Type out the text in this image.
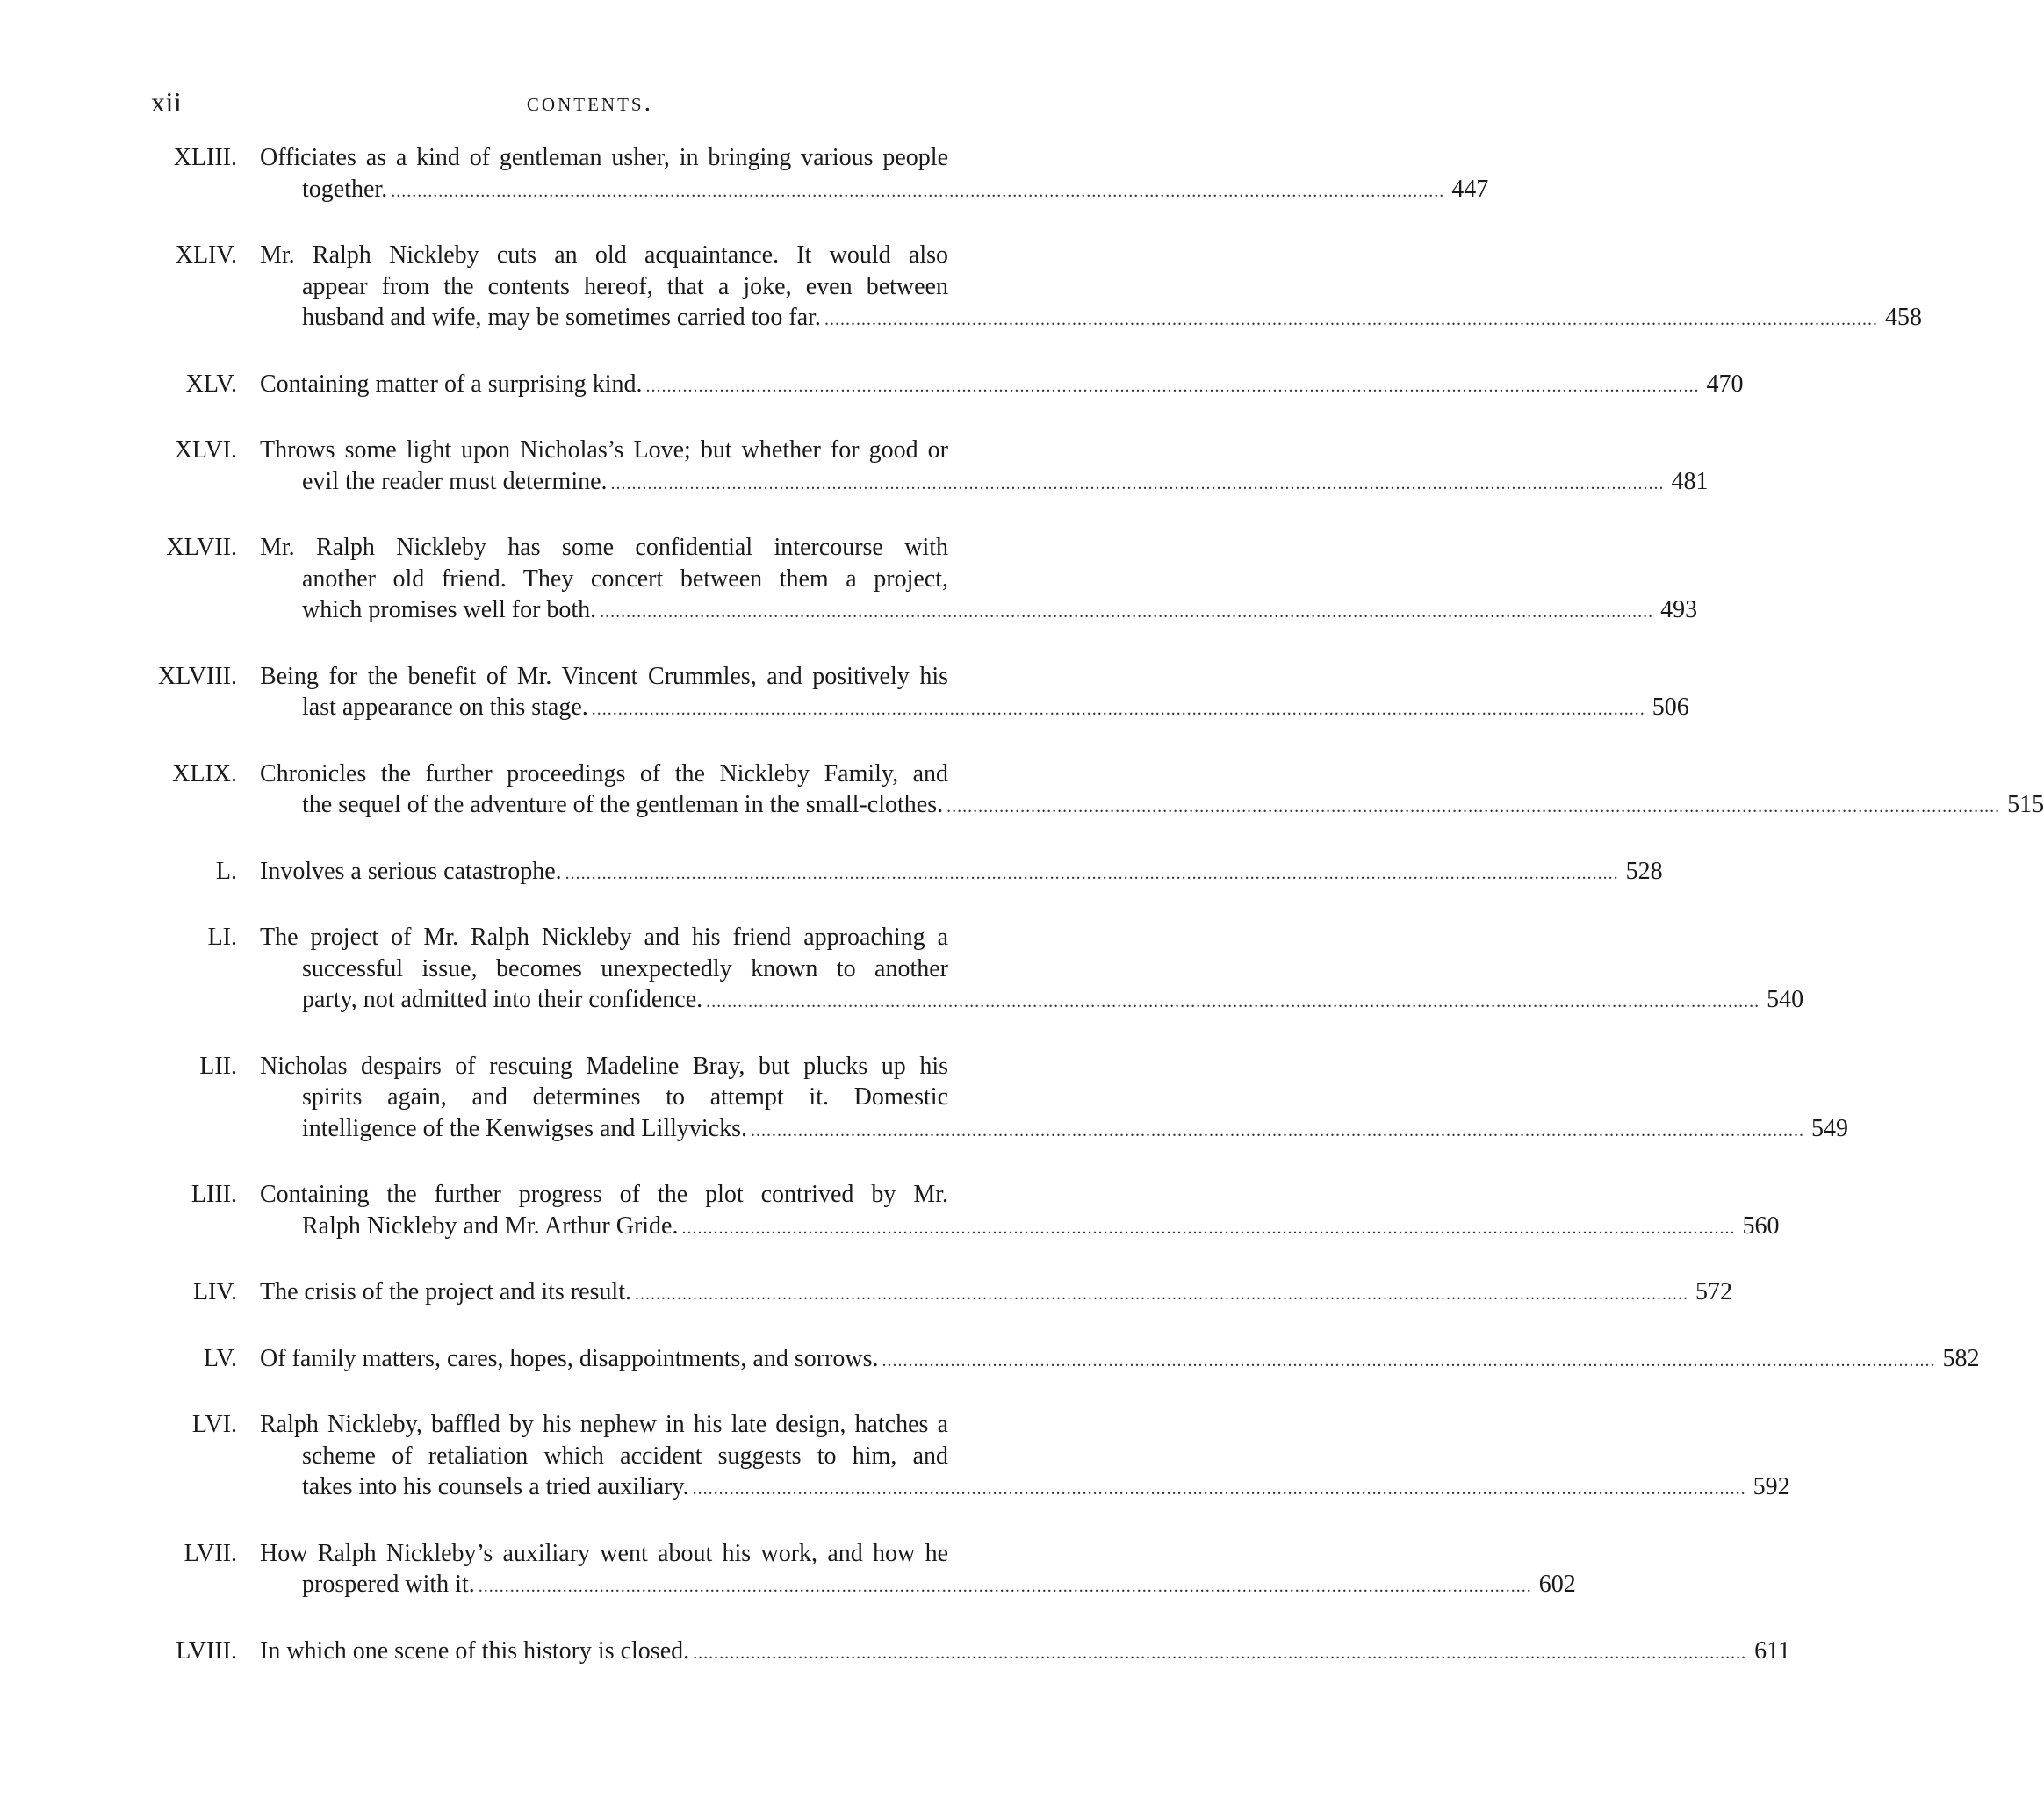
xii	contents.
XLIII. Officiates as a kind of gentleman usher, in bringing various people
together. ........................................................................................................................................................................................................ 447
XLIV. Mr. Ralph Nickleby cuts an old acquaintance. It would also
appear from the contents hereof, that a joke, even between
husband and wife, may be sometimes carried too far. ........................................................................................................................................................................................................ 458
XLV. Containing matter of a surprising kind. ........................................................................................................................................................................................................ 470
XLVI. Throws some light upon Nicholas’s Love; but whether for good or
evil the reader must determine. ........................................................................................................................................................................................................ 481
XLVII. Mr. Ralph Nickleby has some confidential intercourse with
another old friend. They concert between them a project,
which promises well for both. ........................................................................................................................................................................................................ 493
XLVIII. Being for the benefit of Mr. Vincent Crummles, and positively his
last appearance on this stage. ........................................................................................................................................................................................................ 506
XLIX. Chronicles the further proceedings of the Nickleby Family, and
the sequel of the adventure of the gentleman in the small-clothes. ........................................................................................................................................................................................................ 515
L. Involves a serious catastrophe. ........................................................................................................................................................................................................ 528
LI. The project of Mr. Ralph Nickleby and his friend approaching a
successful issue, becomes unexpectedly known to another
party, not admitted into their confidence. ........................................................................................................................................................................................................ 540
LII. Nicholas despairs of rescuing Madeline Bray, but plucks up his
spirits again, and determines to attempt it. Domestic
intelligence of the Kenwigses and Lillyvicks. ........................................................................................................................................................................................................ 549
LIII. Containing the further progress of the plot contrived by Mr.
Ralph Nickleby and Mr. Arthur Gride. ........................................................................................................................................................................................................ 560
LIV. The crisis of the project and its result. ........................................................................................................................................................................................................ 572
LV. Of family matters, cares, hopes, disappointments, and sorrows. ........................................................................................................................................................................................................ 582
LVI. Ralph Nickleby, baffled by his nephew in his late design, hatches a
scheme of retaliation which accident suggests to him, and
takes into his counsels a tried auxiliary. ........................................................................................................................................................................................................ 592
LVII. How Ralph Nickleby’s auxiliary went about his work, and how he
prospered with it. ........................................................................................................................................................................................................ 602
LVIII. In which one scene of this history is closed. ........................................................................................................................................................................................................ 611
